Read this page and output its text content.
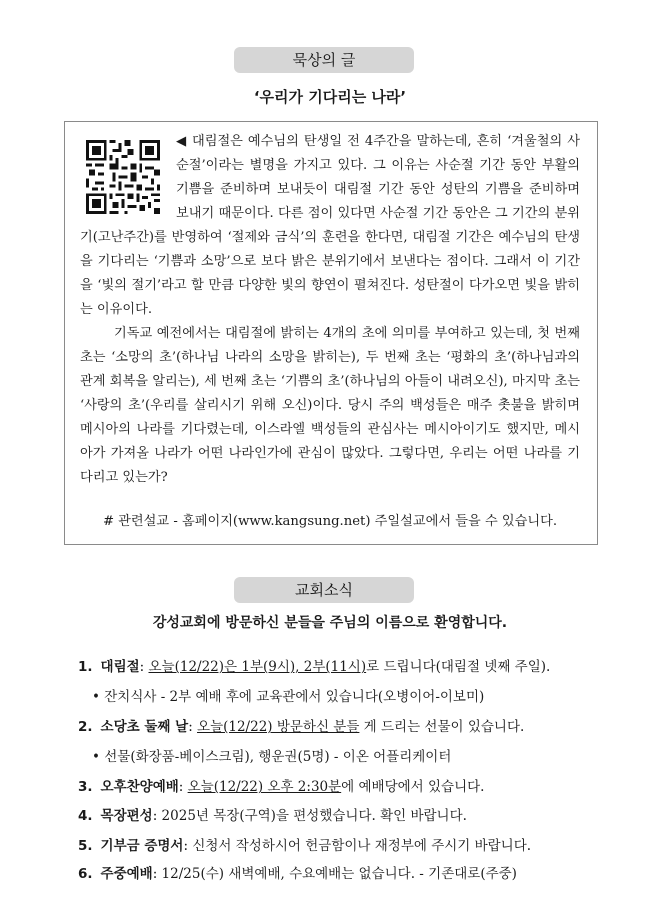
묵상의 글
‘우리가 기다리는 나라’
◀ 대림절은 예수님의 탄생일 전 4주간을 말하는데, 흔히 ‘겨울철의 사순절’이라는 별명을 가지고 있다. 그 이유는 사순절 기간 동안 부활의 기쁨을 준비하며 보내듯이 대림절 기간 동안 성탄의 기쁨을 준비하며 보내기 때문이다. 다른 점이 있다면 사순절 기간 동안은 그 기간의 분위기(고난주간)를 반영하여 ‘절제와 금식’의 훈련을 한다면, 대림절 기간은 예수님의 탄생을 기다리는 ‘기쁨과 소망’으로 보다 밝은 분위기에서 보낸다는 점이다. 그래서 이 기간을 ‘빛의 절기’라고 할 만큼 다양한 빛의 향연이 펼쳐진다. 성탄절이 다가오면 빛을 밝히는 이유이다.
기독교 예전에서는 대림절에 밝히는 4개의 초에 의미를 부여하고 있는데, 첫 번째 초는 ‘소망의 초’(하나님 나라의 소망을 밝히는), 두 번째 초는 ‘평화의 초’(하나님과의 관계 회복을 알리는), 세 번째 초는 ‘기쁨의 초’(하나님의 아들이 내려오신), 마지막 초는 ‘사랑의 초’(우리를 살리시기 위해 오신)이다. 당시 주의 백성들은 매주 촛불을 밝히며 메시아의 나라를 기다렸는데, 이스라엘 백성들의 관심사는 메시아이기도 했지만, 메시아가 가져올 나라가 어떤 나라인가에 관심이 많았다. 그렇다면, 우리는 어떤 나라를 기다리고 있는가?
# 관련설교 - 홈페이지(www.kangsung.net) 주일설교에서 들을 수 있습니다.
교회소식
강성교회에 방문하신 분들을 주님의 이름으로 환영합니다.
1. 대림절: 오늘(12/22)은 1부(9시), 2부(11시)로 드립니다(대림절 넷째 주일).
• 잔치식사 - 2부 예배 후에 교육관에서 있습니다(오병이어-이보미)
2. 소당초 둘째 날: 오늘(12/22) 방문하신 분들 게 드리는 선물이 있습니다.
• 선물(화장품-베이스크림), 행운권(5명) - 이온 어플리케이터
3. 오후찬양예배: 오늘(12/22) 오후 2:30분에 예배당에서 있습니다.
4. 목장편성: 2025년 목장(구역)을 편성했습니다. 확인 바랍니다.
5. 기부금 증명서: 신청서 작성하시어 헌금함이나 재정부에 주시기 바랍니다.
6. 주중예배: 12/25(수) 새벽예배, 수요예배는 없습니다. - 기존대로(주중)
